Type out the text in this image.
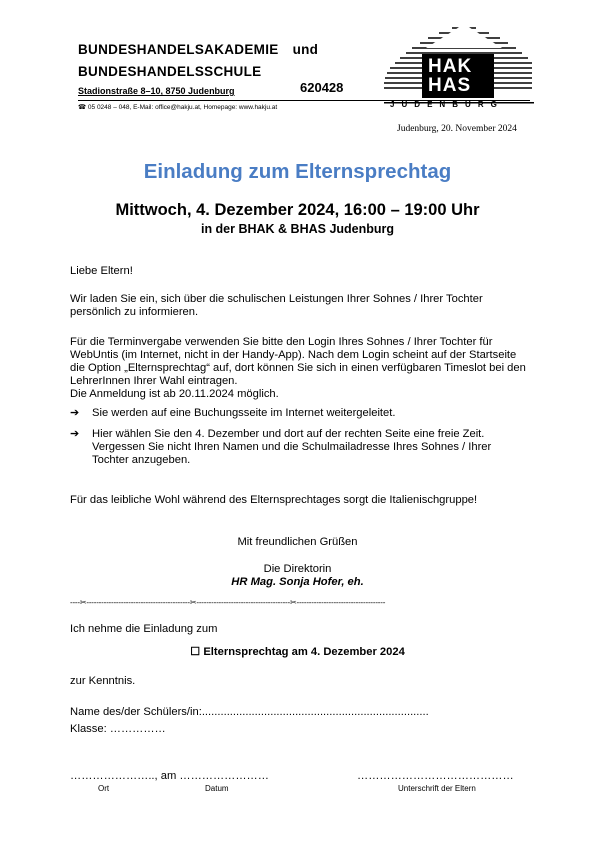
BUNDESHANDELSAKADEMIE und
BUNDESHANDELSSCHULE
620428
Stadionstraße 8–10, 8750 Judenburg
☎ 05 0248 – 048, E-Mail: office@hakju.at, Homepage: www.hakju.at
HAK
HAS
J U D E N B U R G
Judenburg, 20. November 2024
Einladung zum Elternsprechtag
Mittwoch, 4. Dezember 2024, 16:00 – 19:00 Uhr
in der BHAK & BHAS Judenburg
Liebe Eltern!
Wir laden Sie ein, sich über die schulischen Leistungen Ihrer Sohnes / Ihrer Tochter persönlich zu informieren.
Für die Terminvergabe verwenden Sie bitte den Login Ihres Sohnes / Ihrer Tochter für WebUntis (im Internet, nicht in der Handy-App). Nach dem Login scheint auf der Startseite die Option „Elternsprechtag“ auf, dort können Sie sich in einen verfügbaren Timeslot bei den LehrerInnen Ihrer Wahl eintragen.
Die Anmeldung ist ab 20.11.2024 möglich.
➔	Sie werden auf eine Buchungsseite im Internet weitergeleitet.
➔	Hier wählen Sie den 4. Dezember und dort auf der rechten Seite eine freie Zeit. Vergessen Sie nicht Ihren Namen und die Schulmailadresse Ihres Sohnes / Ihrer Tochter anzugeben.
Für das leibliche Wohl während des Elternsprechtages sorgt die Italienischgruppe!
Mit freundlichen Grüßen
Die Direktorin
HR Mag. Sonja Hofer, eh.
----✂------------------------------------------✂--------------------------------------✂------------------------------------
Ich nehme die Einladung zum
☐ Elternsprechtag am 4. Dezember 2024
zur Kenntnis.
Name des/der Schülers/in:.........................................................................
Klasse: ……………
………………….., am ……………………	……………………………………
Ort	Datum	Unterschrift der Eltern
